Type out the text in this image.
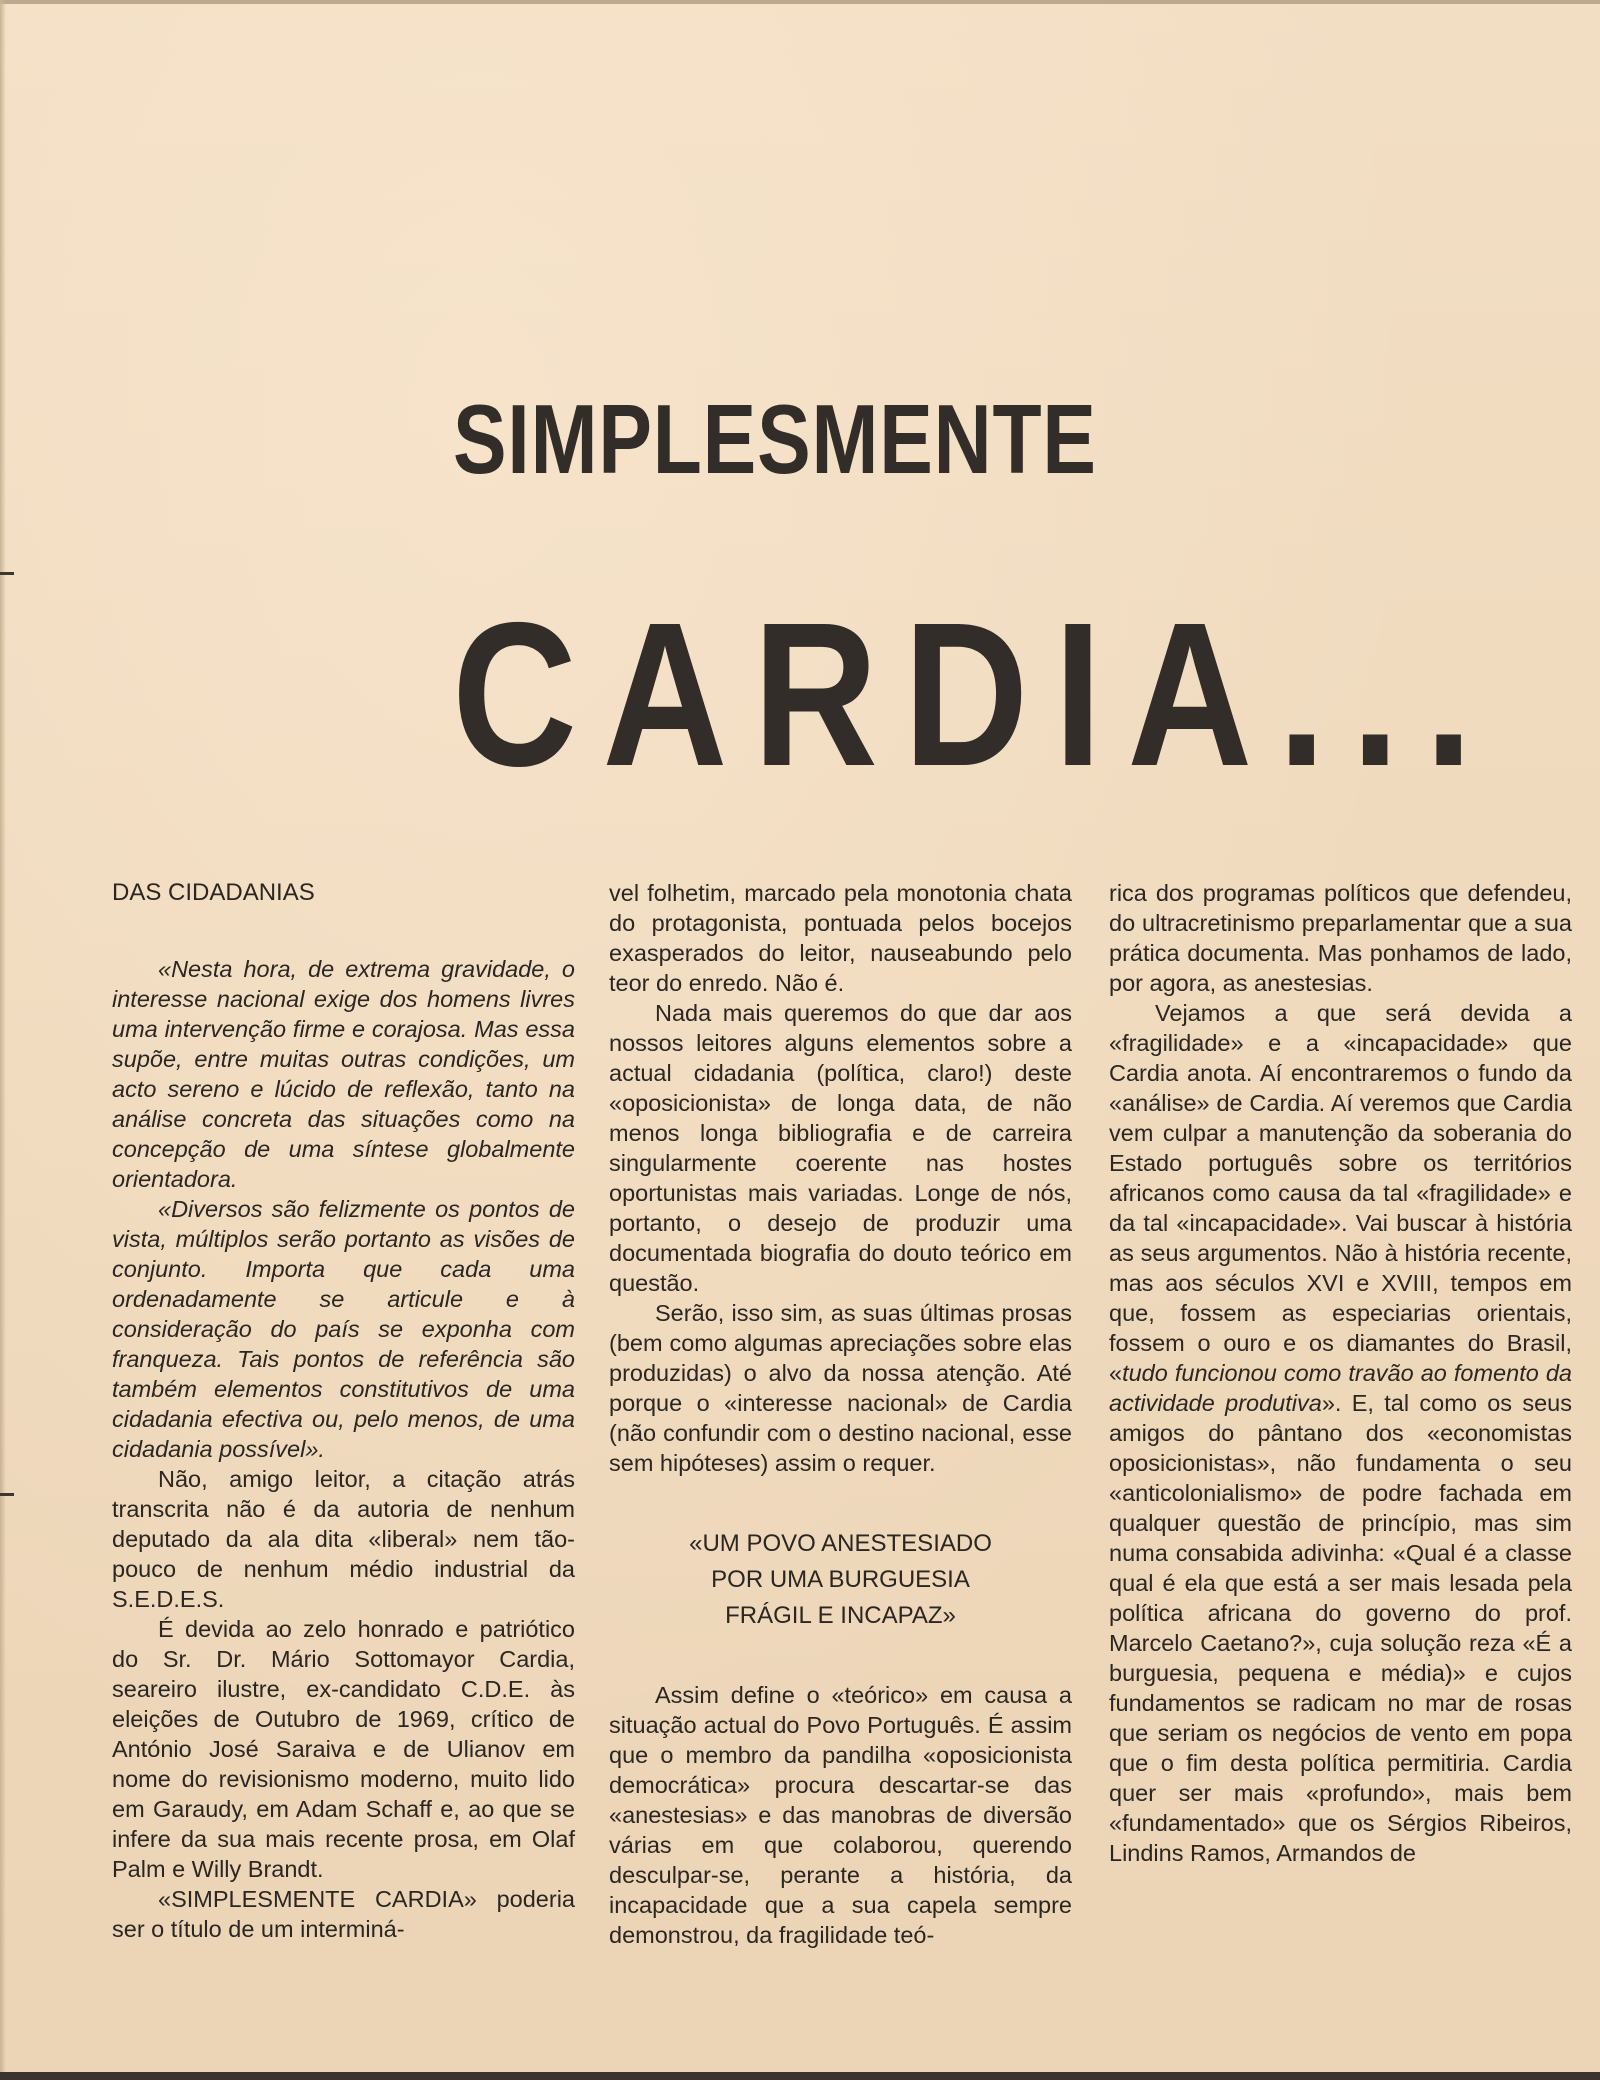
SIMPLESMENTE
CARDIA...
DAS CIDADANIAS

«Nesta hora, de extrema gravidade, o interesse nacional exige dos homens livres uma intervenção firme e corajosa. Mas essa supõe, entre muitas outras condições, um acto sereno e lúcido de reflexão, tanto na análise concreta das situações como na concepção de uma síntese globalmente orientadora.

«Diversos são felizmente os pontos de vista, múltiplos serão portanto as visões de conjunto. Importa que cada uma ordenadamente se articule e à consideração do país se exponha com franqueza. Tais pontos de referência são também elementos constitutivos de uma cidadania efectiva ou, pelo menos, de uma cidadania possível».

Não, amigo leitor, a citação atrás transcrita não é da autoria de nenhum deputado da ala dita «liberal» nem tão-pouco de nenhum médio industrial da S.E.D.E.S.

É devida ao zelo honrado e patriótico do Sr. Dr. Mário Sottomayor Cardia, seareiro ilustre, ex-candidato C.D.E. às eleições de Outubro de 1969, crítico de António José Saraiva e de Ulianov em nome do revisionismo moderno, muito lido em Garaudy, em Adam Schaff e, ao que se infere da sua mais recente prosa, em Olaf Palm e Willy Brandt.

«SIMPLESMENTE CARDIA» poderia ser o título de um interminá-

vel folhetim, marcado pela monotonia chata do protagonista, pontuada pelos bocejos exasperados do leitor, nauseabundo pelo teor do enredo. Não é.

Nada mais queremos do que dar aos nossos leitores alguns elementos sobre a actual cidadania (política, claro!) deste «oposicionista» de longa data, de não menos longa bibliografia e de carreira singularmente coerente nas hostes oportunistas mais variadas. Longe de nós, portanto, o desejo de produzir uma documentada biografia do douto teórico em questão.

Serão, isso sim, as suas últimas prosas (bem como algumas apreciações sobre elas produzidas) o alvo da nossa atenção. Até porque o «interesse nacional» de Cardia (não confundir com o destino nacional, esse sem hipóteses) assim o requer.

«UM POVO ANESTESIADO
POR UMA BURGUESIA
FRÁGIL E INCAPAZ»

Assim define o «teórico» em causa a situação actual do Povo Português. É assim que o membro da pandilha «oposicionista democrática» procura descartar-se das «anestesias» e das manobras de diversão várias em que colaborou, querendo desculpar-se, perante a história, da incapacidade que a sua capela sempre demonstrou, da fragilidade teó-

rica dos programas políticos que defendeu, do ultracretinismo preparlamentar que a sua prática documenta. Mas ponhamos de lado, por agora, as anestesias.

Vejamos a que será devida a «fragilidade» e a «incapacidade» que Cardia anota. Aí encontraremos o fundo da «análise» de Cardia. Aí veremos que Cardia vem culpar a manutenção da soberania do Estado português sobre os territórios africanos como causa da tal «fragilidade» e da tal «incapacidade». Vai buscar à história as seus argumentos. Não à história recente, mas aos séculos XVI e XVIII, tempos em que, fossem as especiarias orientais, fossem o ouro e os diamantes do Brasil, «tudo funcionou como travão ao fomento da actividade produtiva». E, tal como os seus amigos do pântano dos «economistas oposicionistas», não fundamenta o seu «anticolonialismo» de podre fachada em qualquer questão de princípio, mas sim numa consabida adivinha: «Qual é a classe qual é ela que está a ser mais lesada pela política africana do governo do prof. Marcelo Caetano?», cuja solução reza «É a burguesia, pequena e média)» e cujos fundamentos se radicam no mar de rosas que seriam os negócios de vento em popa que o fim desta política permitiria. Cardia quer ser mais «profundo», mais bem «fundamentado» que os Sérgios Ribeiros, Lindins Ramos, Armandos de
